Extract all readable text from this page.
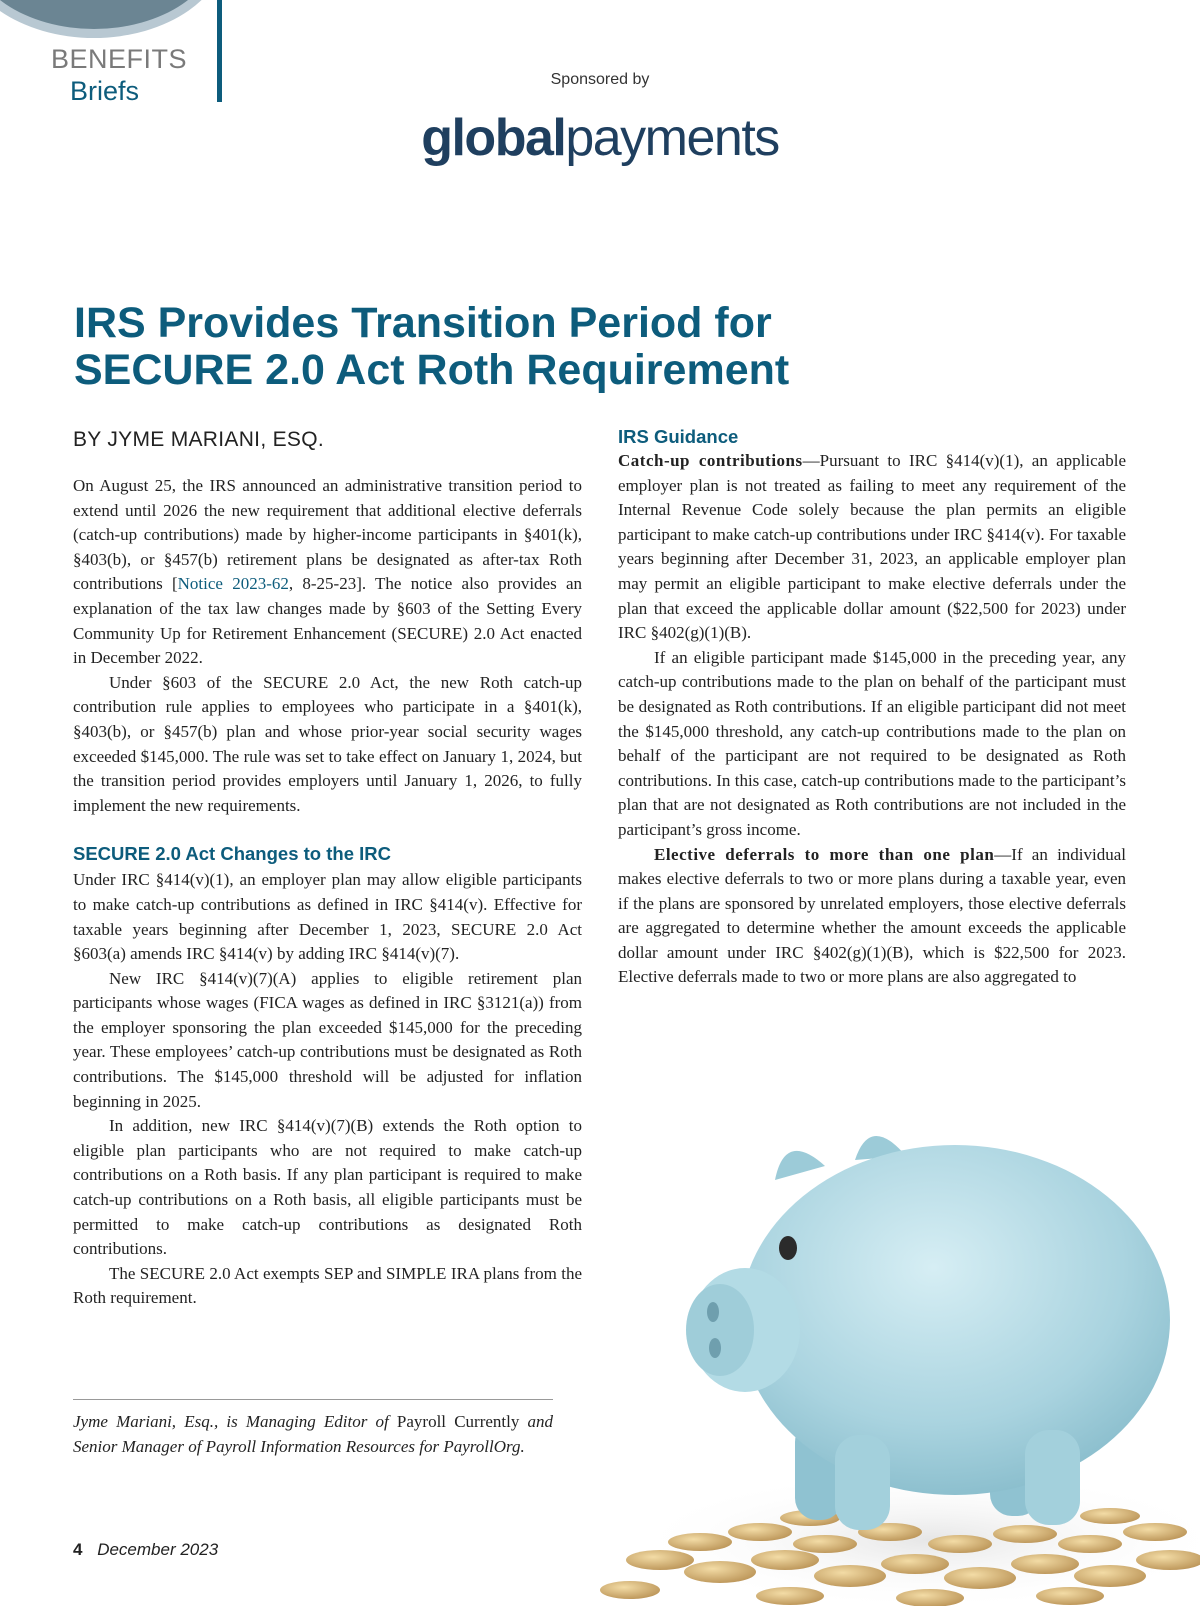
BENEFITS
Briefs	Sponsored by
globalpayments
IRS Provides Transition Period for
SECURE 2.0 Act Roth Requirement
BY JYME MARIANI, ESQ.

On August 25, the IRS announced an administrative transition period to extend until 2026 the new requirement that additional elective deferrals (catch-up contributions) made by higher-income participants in §401(k), §403(b), or §457(b) retirement plans be designated as after-tax Roth contributions [Notice 2023-62, 8-25-23]. The notice also provides an explanation of the tax law changes made by §603 of the Setting Every Community Up for Retirement Enhancement (SECURE) 2.0 Act enacted in December 2022.

Under §603 of the SECURE 2.0 Act, the new Roth catch-up contribution rule applies to employees who participate in a §401(k), §403(b), or §457(b) plan and whose prior-year social security wages exceeded $145,000. The rule was set to take effect on January 1, 2024, but the transition period provides employers until January 1, 2026, to fully implement the new requirements.

SECURE 2.0 Act Changes to the IRC

Under IRC §414(v)(1), an employer plan may allow eligible participants to make catch-up contributions as defined in IRC §414(v). Effective for taxable years beginning after December 1, 2023, SECURE 2.0 Act §603(a) amends IRC §414(v) by adding IRC §414(v)(7).

New IRC §414(v)(7)(A) applies to eligible retirement plan participants whose wages (FICA wages as defined in IRC §3121(a)) from the employer sponsoring the plan exceeded $145,000 for the preceding year. These employees’ catch-up contributions must be designated as Roth contributions. The $145,000 threshold will be adjusted for inflation beginning in 2025.

In addition, new IRC §414(v)(7)(B) extends the Roth option to eligible plan participants who are not required to make catch-up contributions on a Roth basis. If any plan participant is required to make catch-up contributions on a Roth basis, all eligible participants must be permitted to make catch-up contributions as designated Roth contributions.

The SECURE 2.0 Act exempts SEP and SIMPLE IRA plans from the Roth requirement.

Jyme Mariani, Esq., is Managing Editor of Payroll Currently and Senior Manager of Payroll Information Resources for PayrollOrg.

IRS Guidance

Catch-up contributions—Pursuant to IRC §414(v)(1), an applicable employer plan is not treated as failing to meet any requirement of the Internal Revenue Code solely because the plan permits an eligible participant to make catch-up contributions under IRC §414(v). For taxable years beginning after December 31, 2023, an applicable employer plan may permit an eligible participant to make elective deferrals under the plan that exceed the applicable dollar amount ($22,500 for 2023) under IRC §402(g)(1)(B).

If an eligible participant made $145,000 in the preceding year, any catch-up contributions made to the plan on behalf of the participant must be designated as Roth contributions. If an eligible participant did not meet the $145,000 threshold, any catch-up contributions made to the plan on behalf of the participant are not required to be designated as Roth contributions. In this case, catch-up contributions made to the participant’s plan that are not designated as Roth contributions are not included in the participant’s gross income.

Elective deferrals to more than one plan—If an individual makes elective deferrals to two or more plans during a taxable year, even if the plans are sponsored by unrelated employers, those elective deferrals are aggregated to determine whether the amount exceeds the applicable dollar amount under IRC §402(g)(1)(B), which is $22,500 for 2023. Elective deferrals made to two or more plans are also aggregated to

4 December 2023
